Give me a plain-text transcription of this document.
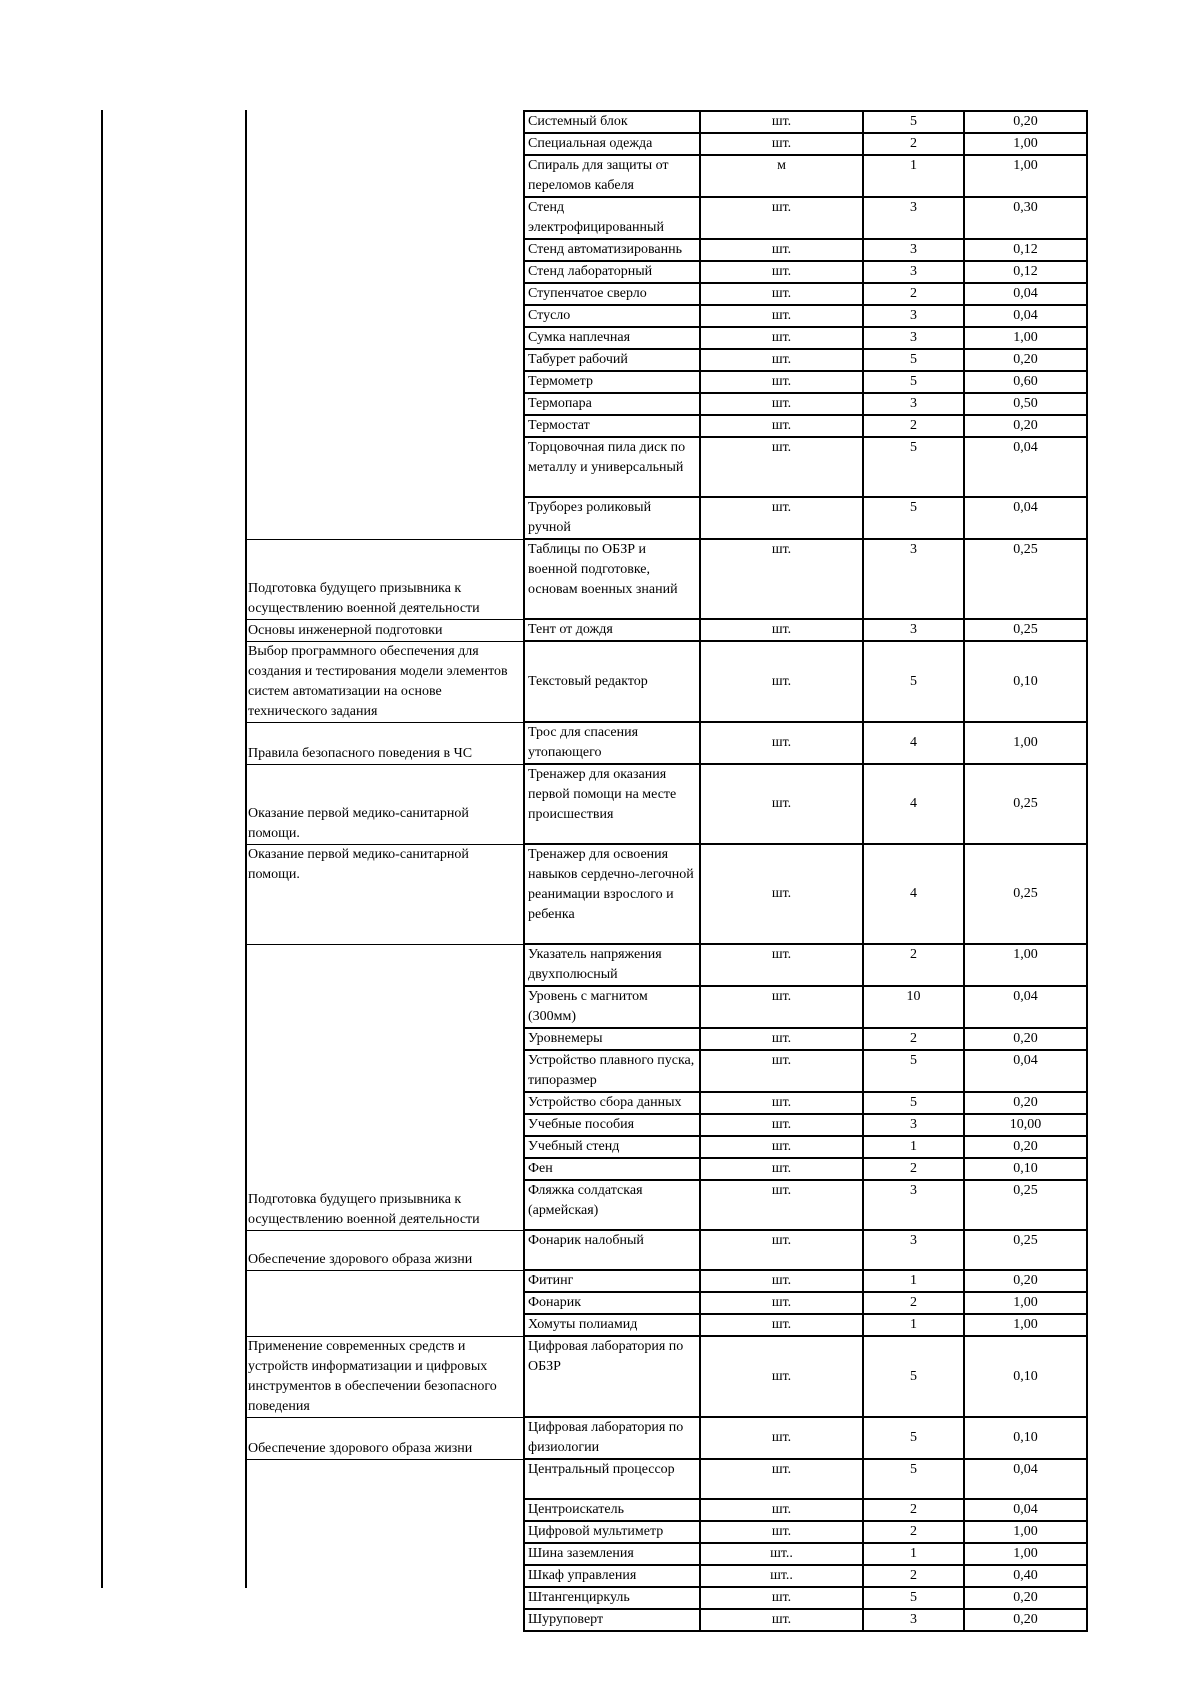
	Системный блок	шт.	5	0,20
	Специальная одежда	шт.	2	1,00
	Спираль для защиты от переломов кабеля	м	1	1,00
	Стенд электрофицированный	шт.	3	0,30
	Стенд автоматизированнь	шт.	3	0,12
	Стенд лабораторный	шт.	3	0,12
	Ступенчатое сверло	шт.	2	0,04
	Стусло	шт.	3	0,04
	Сумка наплечная	шт.	3	1,00
	Табурет рабочий	шт.	5	0,20
	Термометр	шт.	5	0,60
	Термопара	шт.	3	0,50
	Термостат	шт.	2	0,20
	Торцовочная пила диск по металлу и универсальный	шт.	5	0,04
	Труборез роликовый ручной	шт.	5	0,04
Подготовка будущего призывника к осуществлению военной деятельности	Таблицы по ОБЗР и военной подготовке, основам военных знаний	шт.	3	0,25
Основы инженерной подготовки	Тент от дождя	шт.	3	0,25
Выбор программного обеспечения для создания и тестирования модели элементов систем автоматизации на основе технического задания	Текстовый редактор	шт.	5	0,10
Правила безопасного поведения в ЧС	Трос для спасения утопающего	шт.	4	1,00
Оказание первой медико-санитарной помощи.	Тренажер для оказания первой помощи на месте происшествия	шт.	4	0,25
Оказание первой медико-санитарной помощи.	Тренажер для освоения навыков сердечно-легочной реанимации взрослого и ребенка	шт.	4	0,25
Подготовка будущего призывника к осуществлению военной деятельности	Указатель напряжения двухполюсный	шт.	2	1,00
	Уровень с магнитом (300мм)	шт.	10	0,04
	Уровнемеры	шт.	2	0,20
	Устройство плавного пуска, типоразмер	шт.	5	0,04
	Устройство сбора данных	шт.	5	0,20
	Учебные пособия	шт.	3	10,00
	Учебный стенд	шт.	1	0,20
	Фен	шт.	2	0,10
	Фляжка солдатская (армейская)	шт.	3	0,25
Обеспечение здорового образа жизни	Фонарик налобный	шт.	3	0,25
	Фитинг	шт.	1	0,20
	Фонарик	шт.	2	1,00
	Хомуты полиамид	шт.	1	1,00
Применение современных средств и устройств информатизации и цифровых инструментов в обеспечении безопасного поведения	Цифровая лаборатория по ОБЗР	шт.	5	0,10
Обеспечение здорового образа жизни	Цифровая лаборатория по физиологии	шт.	5	0,10
	Центральный процессор	шт.	5	0,04
	Центроискатель	шт.	2	0,04
	Цифровой мультиметр	шт.	2	1,00
	Шина заземления	шт..	1	1,00
	Шкаф управления	шт..	2	0,40
	Штангенциркуль	шт.	5	0,20
	Шуруповерт	шт.	3	0,20
